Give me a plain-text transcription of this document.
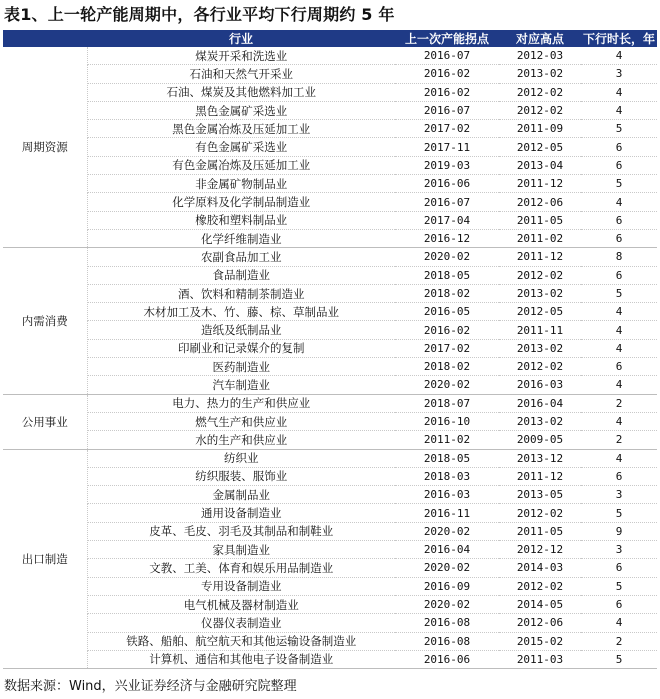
表1、上一轮产能周期中，各行业平均下行周期约 5 年
	行业	上一次产能拐点	对应高点	下行时长，年
周期资源	煤炭开采和洗选业	2016-07	2012-03	4
	石油和天然气开采业	2016-02	2013-02	3
	石油、煤炭及其他燃料加工业	2016-02	2012-02	4
	黑色金属矿采选业	2016-07	2012-02	4
	黑色金属冶炼及压延加工业	2017-02	2011-09	5
	有色金属矿采选业	2017-11	2012-05	6
	有色金属冶炼及压延加工业	2019-03	2013-04	6
	非金属矿物制品业	2016-06	2011-12	5
	化学原料及化学制品制造业	2016-07	2012-06	4
	橡胶和塑料制品业	2017-04	2011-05	6
	化学纤维制造业	2016-12	2011-02	6
内需消费	农副食品加工业	2020-02	2011-12	8
	食品制造业	2018-05	2012-02	6
	酒、饮料和精制茶制造业	2018-02	2013-02	5
	木材加工及木、竹、藤、棕、草制品业	2016-05	2012-05	4
	造纸及纸制品业	2016-02	2011-11	4
	印刷业和记录媒介的复制	2017-02	2013-02	4
	医药制造业	2018-02	2012-02	6
	汽车制造业	2020-02	2016-03	4
公用事业	电力、热力的生产和供应业	2018-07	2016-04	2
	燃气生产和供应业	2016-10	2013-02	4
	水的生产和供应业	2011-02	2009-05	2
出口制造	纺织业	2018-05	2013-12	4
	纺织服装、服饰业	2018-03	2011-12	6
	金属制品业	2016-03	2013-05	3
	通用设备制造业	2016-11	2012-02	5
	皮革、毛皮、羽毛及其制品和制鞋业	2020-02	2011-05	9
	家具制造业	2016-04	2012-12	3
	文教、工美、体育和娱乐用品制造业	2020-02	2014-03	6
	专用设备制造业	2016-09	2012-02	5
	电气机械及器材制造业	2020-02	2014-05	6
	仪器仪表制造业	2016-08	2012-06	4
	铁路、船舶、航空航天和其他运输设备制造业	2016-08	2015-02	2
	计算机、通信和其他电子设备制造业	2016-06	2011-03	5
数据来源：Wind，兴业证券经济与金融研究院整理
